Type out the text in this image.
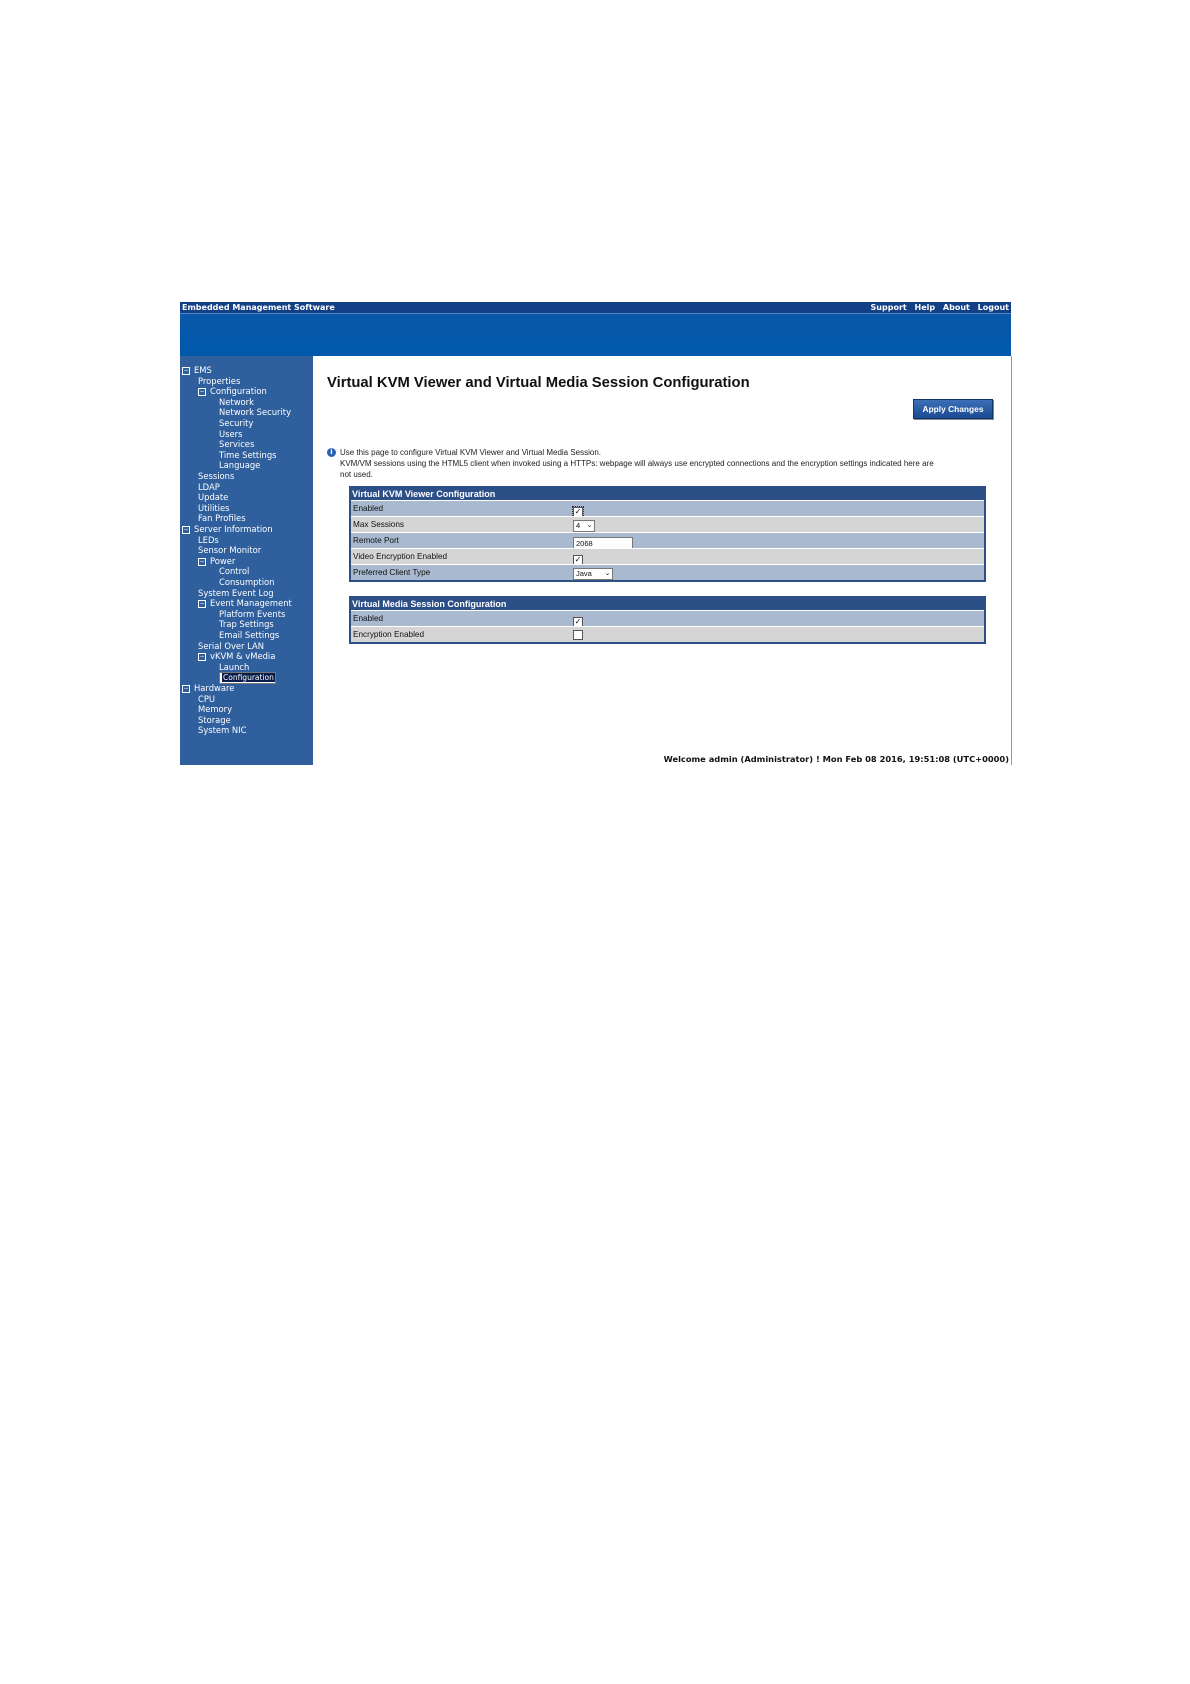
Embedded Management Software	Support Help About Logout
− EMS
Properties
− Configuration
Network
Network Security
Security
Users
Services
Time Settings
Language
Sessions
LDAP
Update
Utilities
Fan Profiles
− Server Information
LEDs
Sensor Monitor
− Power
Control
Consumption
System Event Log
− Event Management
Platform Events
Trap Settings
Email Settings
Serial Over LAN
− vKVM & vMedia
Launch
Configuration
− Hardware
CPU
Memory
Storage
System NIC
Virtual KVM Viewer and Virtual Media Session Configuration
Apply Changes
i Use this page to configure Virtual KVM Viewer and Virtual Media Session.
KVM/VM sessions using the HTML5 client when invoked using a HTTPs: webpage will always use encrypted connections and the encryption settings indicated here are
not used.
Virtual KVM Viewer Configuration
Enabled	✓
Max Sessions	4 ⌄
Remote Port	2068
Video Encryption Enabled	✓
Preferred Client Type	Java ⌄
Virtual Media Session Configuration
Enabled	✓
Encryption Enabled
Welcome admin (Administrator) ! Mon Feb 08 2016, 19:51:08 (UTC+0000)
